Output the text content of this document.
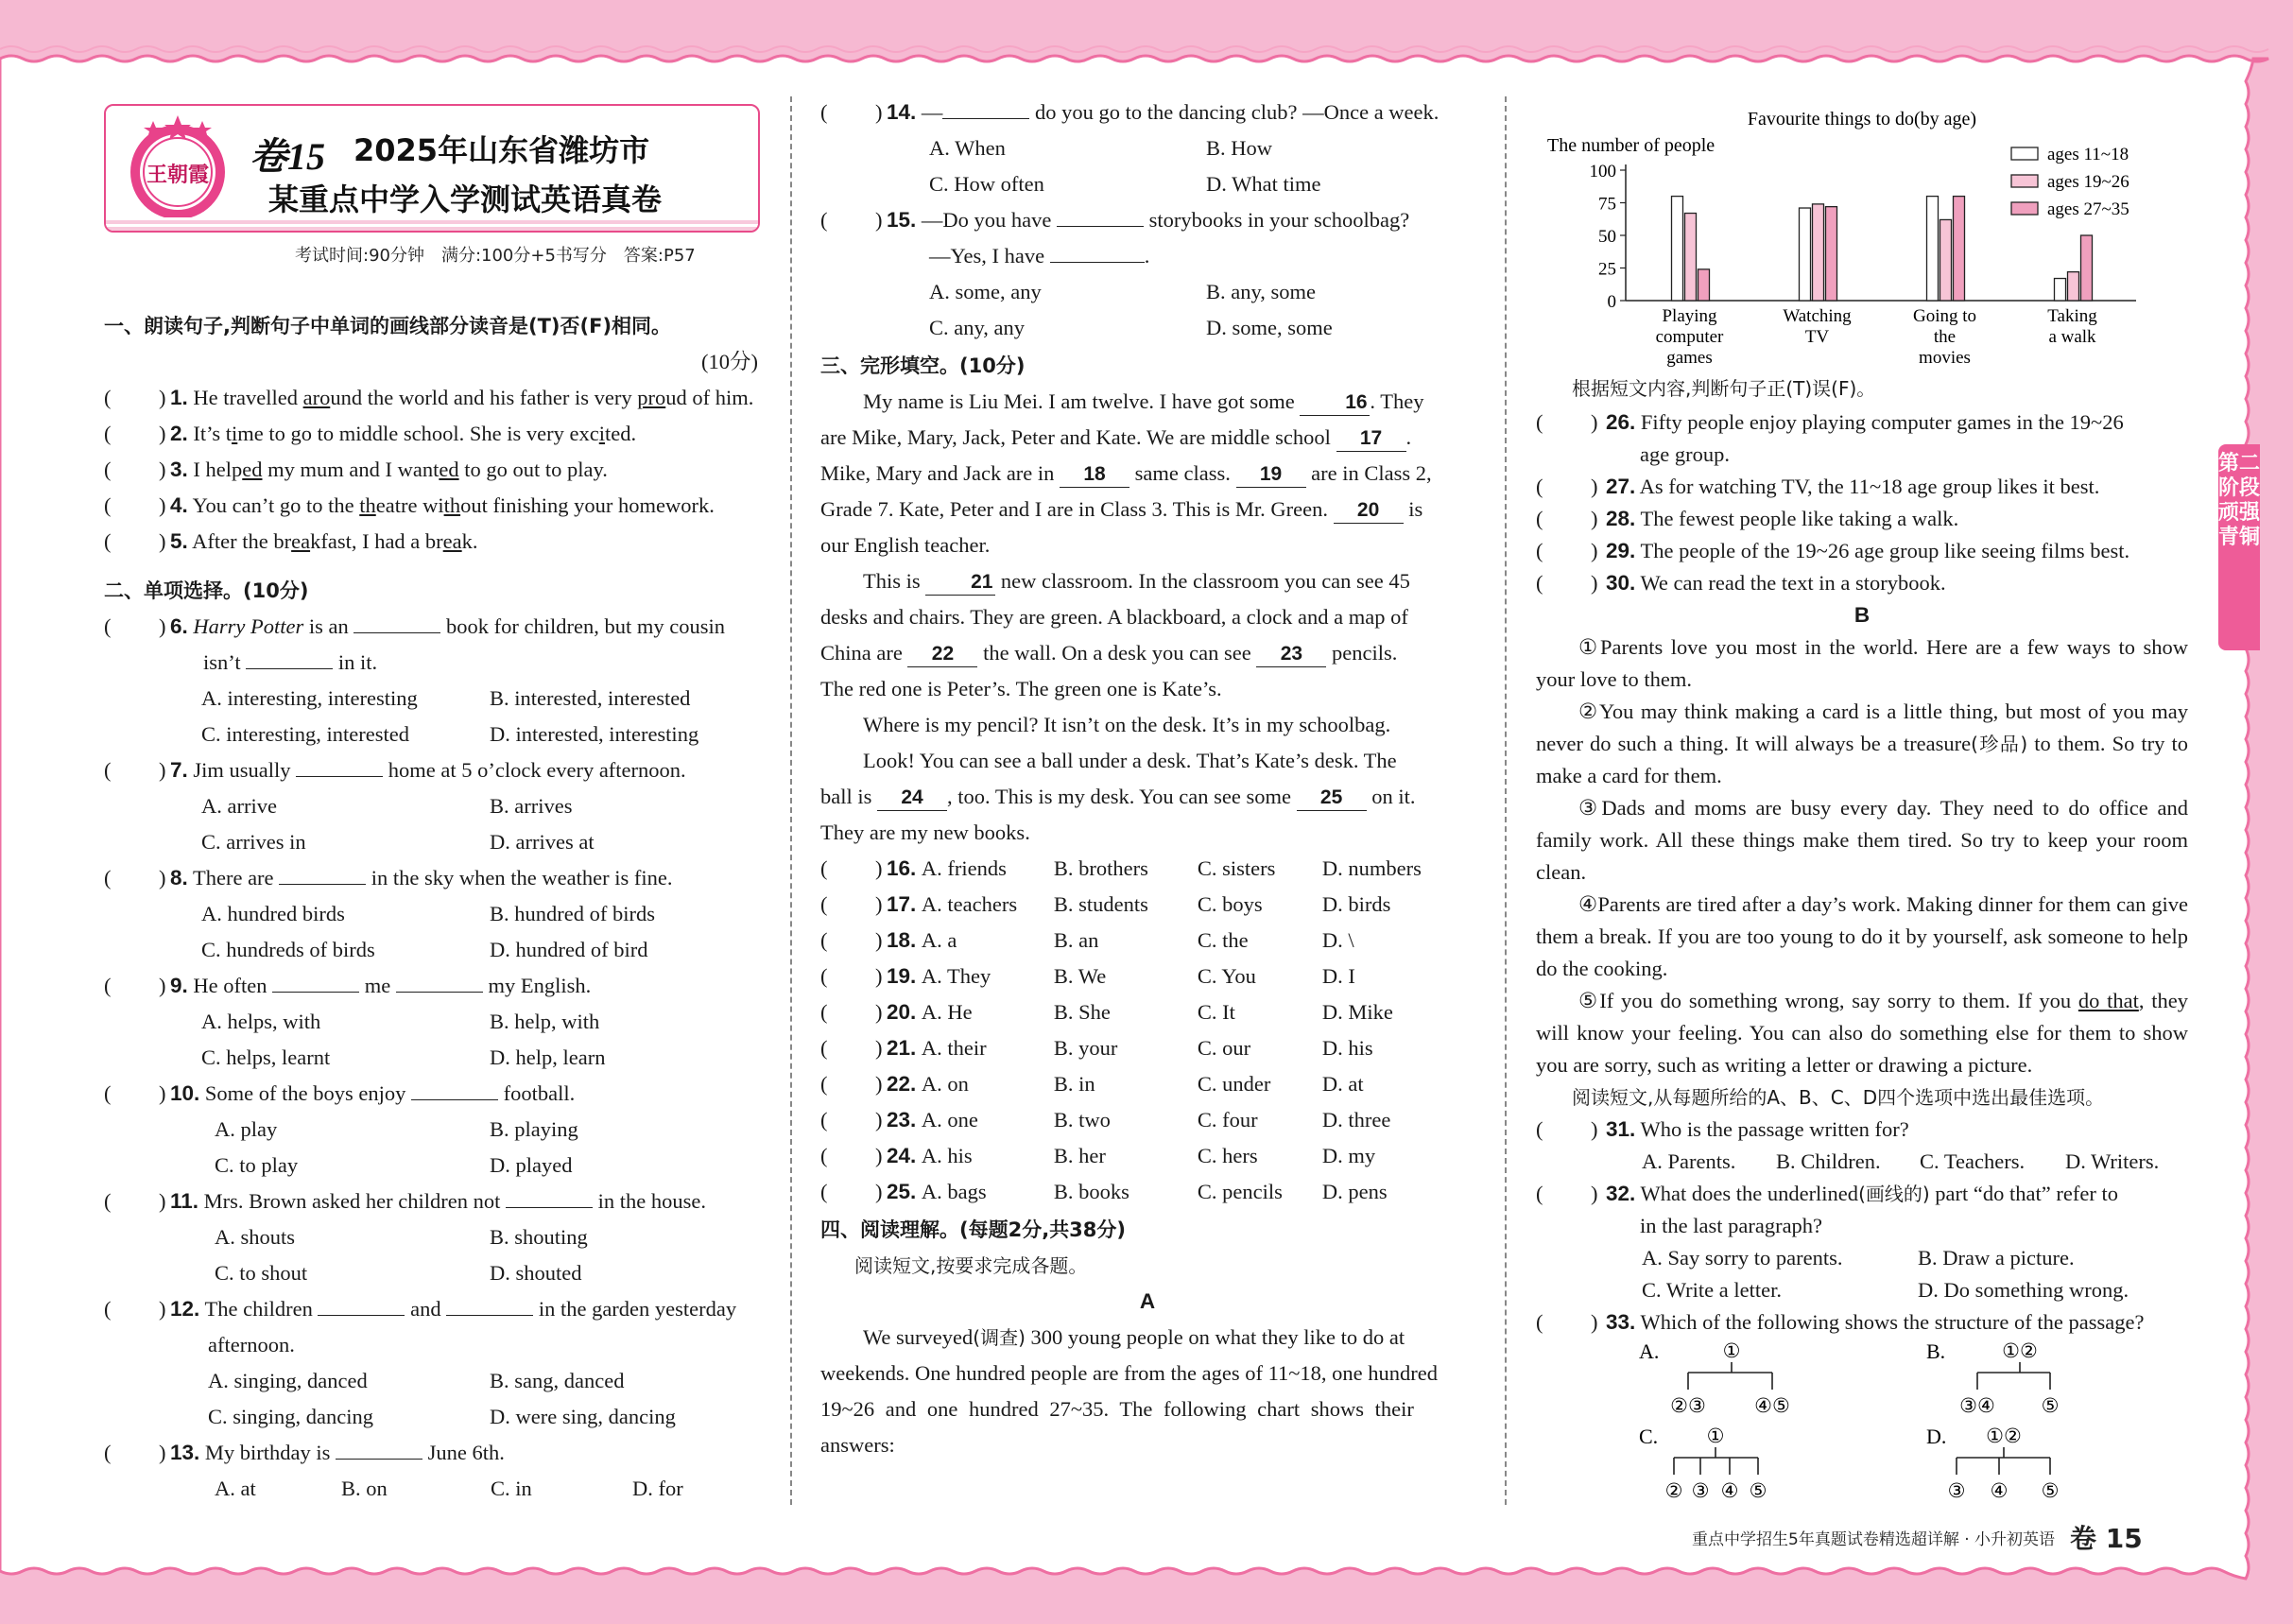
王朝霞 卷15 2025年山东省潍坊市
某重点中学入学测试英语真卷
考试时间:90分钟　满分:100分+5书写分　答案:P57
一、朗读句子,判断句子中单词的画线部分读音是(T)否(F)相同。
(10分)
( ) 1. He travelled around the world and his father is very proud of him.
( ) 2. It’s time to go to middle school. She is very excited.
( ) 3. I helped my mum and I wanted to go out to play.
( ) 4. You can’t go to the theatre without finishing your homework.
( ) 5. After the breakfast, I had a break.
二、单项选择。(10分)
( ) 6. Harry Potter is an	book for children, but my cousin
isn’t	in it.
A. interesting, interesting	B. interested, interested
C. interesting, interested	D. interested, interesting
( ) 7. Jim usually	home at 5 o’clock every afternoon.
A. arrive	B. arrives
C. arrives in	D. arrives at
( ) 8. There are	in the sky when the weather is fine.
A. hundred birds	B. hundred of birds
C. hundreds of birds	D. hundred of bird
( ) 9. He often	me	my English.
A. helps, with	B. help, with
C. helps, learnt	D. help, learn
( ) 10. Some of the boys enjoy	football.
A. play	B. playing
C. to play	D. played
( ) 11. Mrs. Brown asked her children not	in the house.
A. shouts	B. shouting
C. to shout	D. shouted
( ) 12. The children	and	in the garden yesterday
afternoon.
A. singing, danced	B. sang, danced
C. singing, dancing	D. were sing, dancing
( ) 13. My birthday is	June 6th.
A. at	B. on	C. in	D. for
( ) 14. —	do you go to the dancing club? —Once a week.
A. When	B. How
C. How often	D. What time
( ) 15. —Do you have	storybooks in your schoolbag?
—Yes, I have	.
A. some, any	B. any, some
C. any, any	D. some, some
三、完形填空。(10分)
My name is Liu Mei. I am twelve. I have got some 16 . They
are Mike, Mary, Jack, Peter and Kate. We are middle school 17 .
Mike, Mary and Jack are in 18 same class. 19 are in Class 2,
Grade 7. Kate, Peter and I are in Class 3. This is Mr. Green. 20 is
our English teacher.
This is 21 new classroom. In the classroom you can see 45
desks and chairs. They are green. A blackboard, a clock and a map of
China are 22 the wall. On a desk you can see 23 pencils.
The red one is Peter’s. The green one is Kate’s.
Where is my pencil? It isn’t on the desk. It’s in my schoolbag.
Look! You can see a ball under a desk. That’s Kate’s desk. The
ball is 24 , too. This is my desk. You can see some 25 on it.
They are my new books.
( ) 16. A. friends B. brothers C. sisters D. numbers
( ) 17. A. teachers B. students C. boys	D. birds
( ) 18. A. a	B. an	C. the	D. \
( ) 19. A. They	B. We	C. You	D. I
( ) 20. A. He	B. She	C. It	D. Mike
( ) 21. A. their	B. your	C. our	D. his
( ) 22. A. on	B. in	C. under D. at
( ) 23. A. one	B. two	C. four	D. three
( ) 24. A. his	B. her	C. hers	D. my
( ) 25. A. bags	B. books	C. pencils D. pens
四、阅读理解。(每题2分,共38分)
阅读短文,按要求完成各题。
A
We surveyed(调查) 300 young people on what they like to do at
weekends. One hundred people are from the ages of 11~18, one hundred
19~26 and one hundred 27~35. The following chart shows their
answers:
Favourite things to do(by age)
The number of people
0
25
50
75
100
Playing
computer
games
Watching
TV
Going to
the
movies
Taking
a walk
ages 11~18
ages 19~26
ages 27~35
根据短文内容,判断句子正(T)误(F)。
( ) 26. Fifty people enjoy playing computer games in the 19~26
age group.
( ) 27. As for watching TV, the 11~18 age group likes it best.
( ) 28. The fewest people like taking a walk.
( ) 29. The people of the 19~26 age group like seeing films best.
( ) 30. We can read the text in a storybook.
B
①Parents love you most in the world. Here are a few ways to show your love to them.
②You may think making a card is a little thing, but most of you may never do such a thing. It will always be a treasure(珍品) to them. So try to make a card for them.
③Dads and moms are busy every day. They need to do office and family work. All these things make them tired. So try to keep your room clean.
④Parents are tired after a day’s work. Making dinner for them can give them a break. If you are too young to do it by yourself, ask someone to help do the cooking.
⑤If you do something wrong, say sorry to them. If you do that, they will know your feeling. You can also do something else for them to show you are sorry, such as writing a letter or drawing a picture.
阅读短文,从每题所给的A、B、C、D四个选项中选出最佳选项。
( ) 31. Who is the passage written for?
A. Parents. B. Children. C. Teachers. D. Writers.
( ) 32. What does the underlined(画线的) part “do that” refer to
in the last paragraph?
A. Say sorry to parents.	B. Draw a picture.
C. Write a letter.	D. Do something wrong.
( ) 33. Which of the following shows the structure of the passage?
A.	B.
C.	D.
①
②③ ④⑤
①②
③④ ⑤
①
② ③ ④ ⑤
①②
③ ④ ⑤
第二阶段 顽强青铜
重点中学招生5年真题试卷精选超详解 · 小升初英语 卷 15
